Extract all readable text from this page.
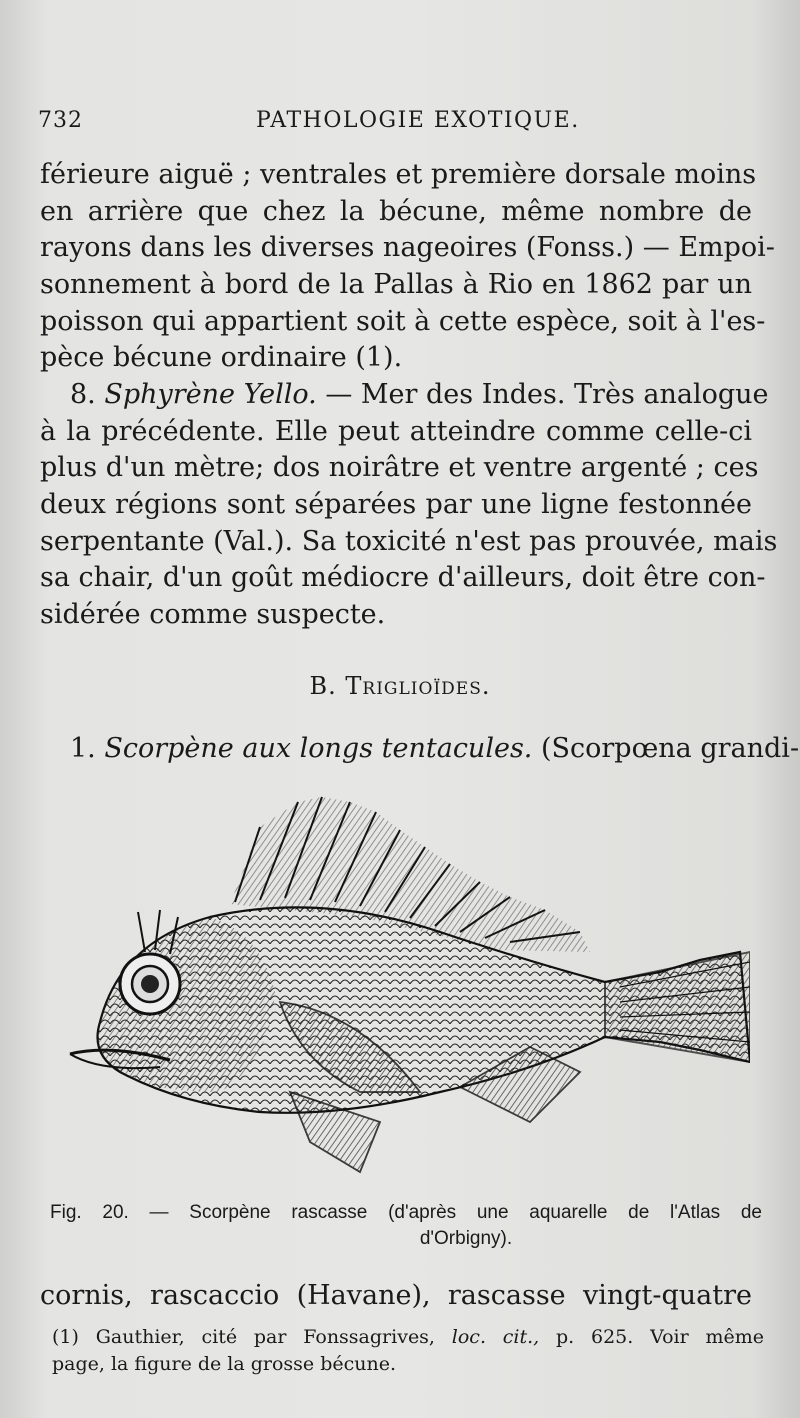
732	PATHOLOGIE EXOTIQUE.
férieure aiguë ; ventrales et première dorsale moins
en arrière que chez la bécune, même nombre de
rayons dans les diverses nageoires (Fonss.) — Empoi-
sonnement à bord de la Pallas à Rio en 1862 par un
poisson qui appartient soit à cette espèce, soit à l'es-
pèce bécune ordinaire (1).
8. Sphyrène Yello. — Mer des Indes. Très analogue
à la précédente. Elle peut atteindre comme celle-ci
plus d'un mètre; dos noirâtre et ventre argenté ; ces
deux régions sont séparées par une ligne festonnée
serpentante (Val.). Sa toxicité n'est pas prouvée, mais
sa chair, d'un goût médiocre d'ailleurs, doit être con-
sidérée comme suspecte.
B. Triglioïdes.
1. Scorpène aux longs tentacules. (Scorpœna grandi-
Fig. 20. — Scorpène rascasse (d'après une aquarelle de l'Atlas de
d'Orbigny).
cornis, rascaccio (Havane), rascasse vingt-quatre
(1) Gauthier, cité par Fonssagrives, loc. cit., p. 625. Voir même
page, la figure de la grosse bécune.
